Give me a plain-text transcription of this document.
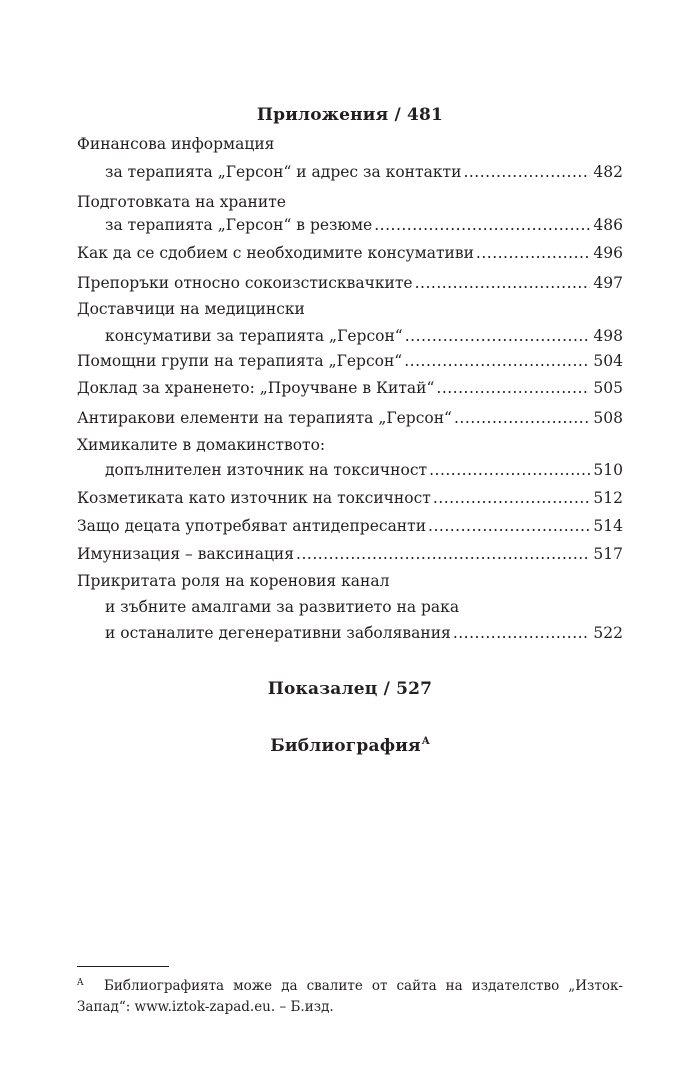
Приложения / 481
Финансова информация
за терапията „Герсон“ и адрес за контакти .....	482
Подготовката на храните
за терапията „Герсон“ в резюме .....	486
Как да се сдобием с необходимите консумативи .....	496
Препоръки относно сокоизстисквачките .....	497
Доставчици на медицински
консумативи за терапията „Герсон“ .....	498
Помощни групи на терапията „Герсон“ .....	504
Доклад за храненето: „Проучване в Китай“ .....	505
Антиракови елементи на терапията „Герсон“ .....	508
Химикалите в домакинството:
допълнителен източник на токсичност .....	510
Козметиката като източник на токсичност .....	512
Защо децата употребяват антидепресанти .....	514
Имунизация – ваксинация .....	517
Прикритата роля на кореновия канал
и зъбните амалгами за развитието на рака
и останалите дегенеративни заболявания .....	522
Показалец / 527
Библиография$^A$
A Библиографията може да свалите от сайта на издателство „Изток-Запад“: www.iztok-zapad.eu. – Б.изд.
